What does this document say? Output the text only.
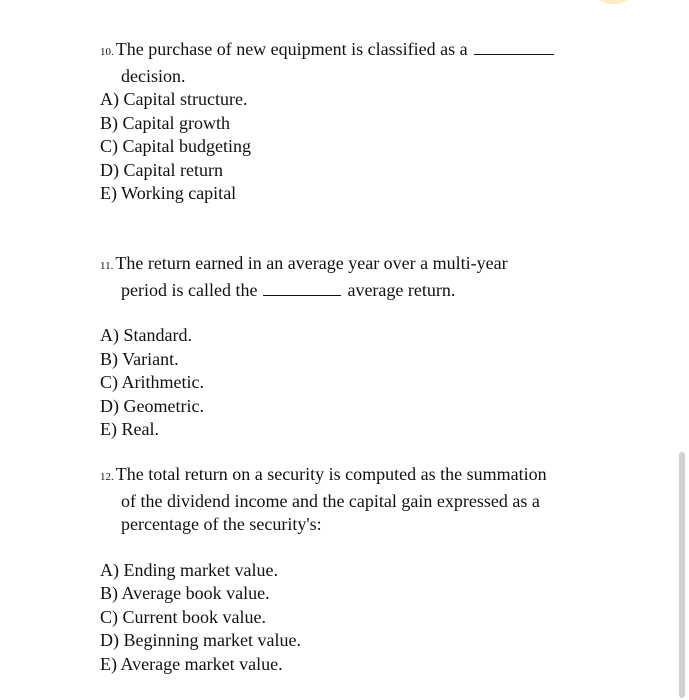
10. The purchase of new equipment is classified as a
decision.
A) Capital structure.
B) Capital growth
C) Capital budgeting
D) Capital return
E) Working capital
11. The return earned in an average year over a multi-year
period is called the	average return.
A) Standard.
B) Variant.
C) Arithmetic.
D) Geometric.
E) Real.
12. The total return on a security is computed as the summation
of the dividend income and the capital gain expressed as a
percentage of the security's:
A) Ending market value.
B) Average book value.
C) Current book value.
D) Beginning market value.
E) Average market value.
